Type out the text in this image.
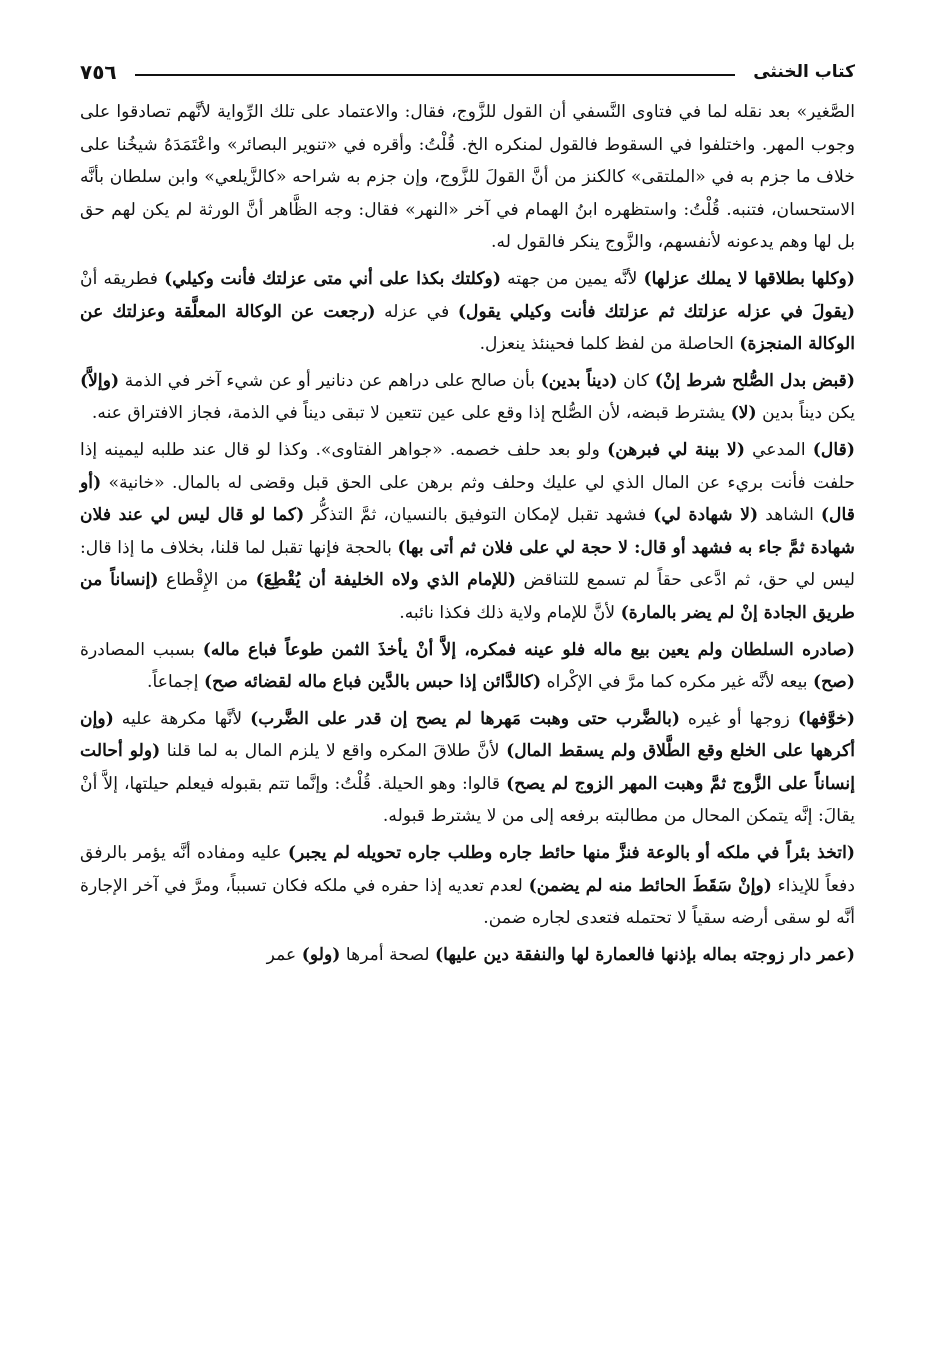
كتاب الخنثى
٧٥٦

الصَّغير» بعد نقله لما في فتاوى النَّسفي أن القول للزَّوج، فقال: والاعتماد على تلك الرِّواية لأنَّهم تصادقوا على وجوب المهر. واختلفوا في السقوط فالقول لمنكره الخ. قُلْتُ: وأقره في «تنوير البصائر» واعْتَمَدَهُ شيخُنا على خلاف ما جزم به في «الملتقى» كالكنز من أنَّ القولَ للزَّوج، وإن جزم به شراحه «كالزَّيلعي» وابن سلطان بأنَّه الاستحسان، فتنبه. قُلْتُ: واستظهره ابنُ الهمام في آخر «النهر» فقال: وجه الظَّاهر أنَّ الورثة لم يكن لهم حق بل لها وهم يدعونه لأنفسهم، والزَّوج ينكر فالقول له.

(وكلها بطلاقها لا يملك عزلها) لأنَّه يمين من جهته (وكلتك بكذا على أني متى عزلتك فأنت وكيلي) فطريقه أنْ (يقولَ في عزله عزلتك ثم عزلتك فأنت وكيلي يقول) في عزله (رجعت عن الوكالة المعلَّقة وعزلتك عن الوكالة المنجزة) الحاصلة من لفظ كلما فحينئذ ينعزل.

(قبض بدل الصُّلح شرط إنْ) كان (ديناً بدين) بأن صالح على دراهم عن دنانير أو عن شيء آخر في الذمة (وإلاَّ) يكن ديناً بدين (لا) يشترط قبضه، لأن الصُّلح إذا وقع على عين تتعين لا تبقى ديناً في الذمة، فجاز الافتراق عنه.

(قال) المدعي (لا بينة لي فبرهن) ولو بعد حلف خصمه. «جواهر الفتاوى». وكذا لو قال عند طلبه ليمينه إذا حلفت فأنت بريء عن المال الذي لي عليك وحلف وثم برهن على الحق قبل وقضى له بالمال. «خانية» (أو قال) الشاهد (لا شهادة لي) فشهد تقبل لإمكان التوفيق بالنسيان، ثمَّ التذكُّر (كما لو قال ليس لي عند فلان شهادة ثمَّ جاء به فشهد أو قال: لا حجة لي على فلان ثم أتى بها) بالحجة فإنها تقبل لما قلنا، بخلاف ما إذا قال: ليس لي حق، ثم ادَّعى حقاً لم تسمع للتناقض (للإمام الذي ولاه الخليفة أن يُقْطِعَ) من الإِقْطاع (إنساناً من طريق الجادة إنْ لم يضر بالمارة) لأنَّ للإمام ولاية ذلك فكذا نائبه.

(صادره السلطان ولم يعين بيع ماله فلو عينه فمكره، إلاَّ أنْ يأخذَ الثمن طوعاً فباع ماله) بسبب المصادرة (صح) بيعه لأنَّه غير مكره كما مرَّ في الإكْراه (كالدَّائن إذا حبس بالدَّين فباع ماله لقضائه صح) إجماعاً.

(خوَّفها) زوجها أو غيره (بالضَّرب حتى وهبت مَهرها لم يصح إن قدر على الضَّرب) لأنَّها مكرهة عليه (وإن أكرهها على الخلع وقع الطَّلاق ولم يسقط المال) لأنَّ طلاقَ المكره واقع لا يلزم المال به لما قلنا (ولو أحالت إنساناً على الزَّوج ثمَّ وهبت المهر الزوج لم يصح) قالوا: وهو الحيلة. قُلْتُ: وإنَّما تتم بقبوله فيعلم حيلتها، إلاَّ أنْ يقالَ: إنَّه يتمكن المحال من مطالبته برفعه إلى من لا يشترط قبوله.

(اتخذ بئراً في ملكه أو بالوعة فنزَّ منها حائط جاره وطلب جاره تحويله لم يجبر) عليه ومفاده أنَّه يؤمر بالرفق دفعاً للإيذاء (وإنْ سَقَطَ الحائط منه لم يضمن) لعدم تعديه إذا حفره في ملكه فكان تسبباً، ومرَّ في آخر الإجارة أنَّه لو سقى أرضه سقياً لا تحتمله فتعدى لجاره ضمن.

(عمر دار زوجته بماله بإذنها فالعمارة لها والنفقة دين عليها) لصحة أمرها (ولو) عمر
